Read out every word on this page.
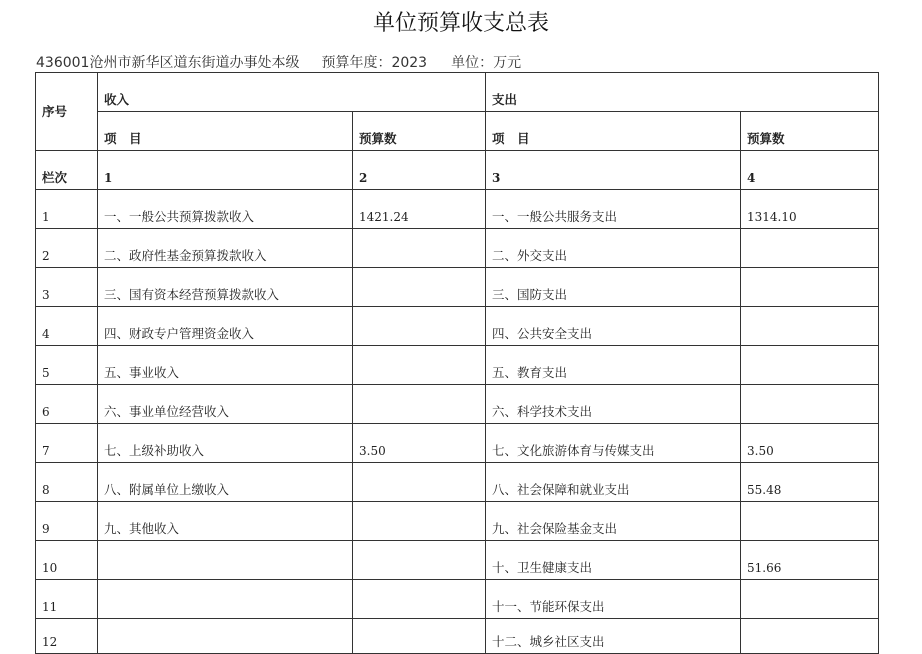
单位预算收支总表
436001沧州市新华区道东街道办事处本级 预算年度：2023 单位：万元
序号	收入		支出	
	项　目	预算数	项　目	预算数
栏次	1	2	3	4
1	一、一般公共预算拨款收入	1421.24	一、一般公共服务支出	1314.10
2	二、政府性基金预算拨款收入		二、外交支出	
3	三、国有资本经营预算拨款收入		三、国防支出	
4	四、财政专户管理资金收入		四、公共安全支出	
5	五、事业收入		五、教育支出	
6	六、事业单位经营收入		六、科学技术支出	
7	七、上级补助收入	3.50	七、文化旅游体育与传媒支出	3.50
8	八、附属单位上缴收入		八、社会保障和就业支出	55.48
9	九、其他收入		九、社会保险基金支出	
10			十、卫生健康支出	51.66
11			十一、节能环保支出	
12			十二、城乡社区支出	
